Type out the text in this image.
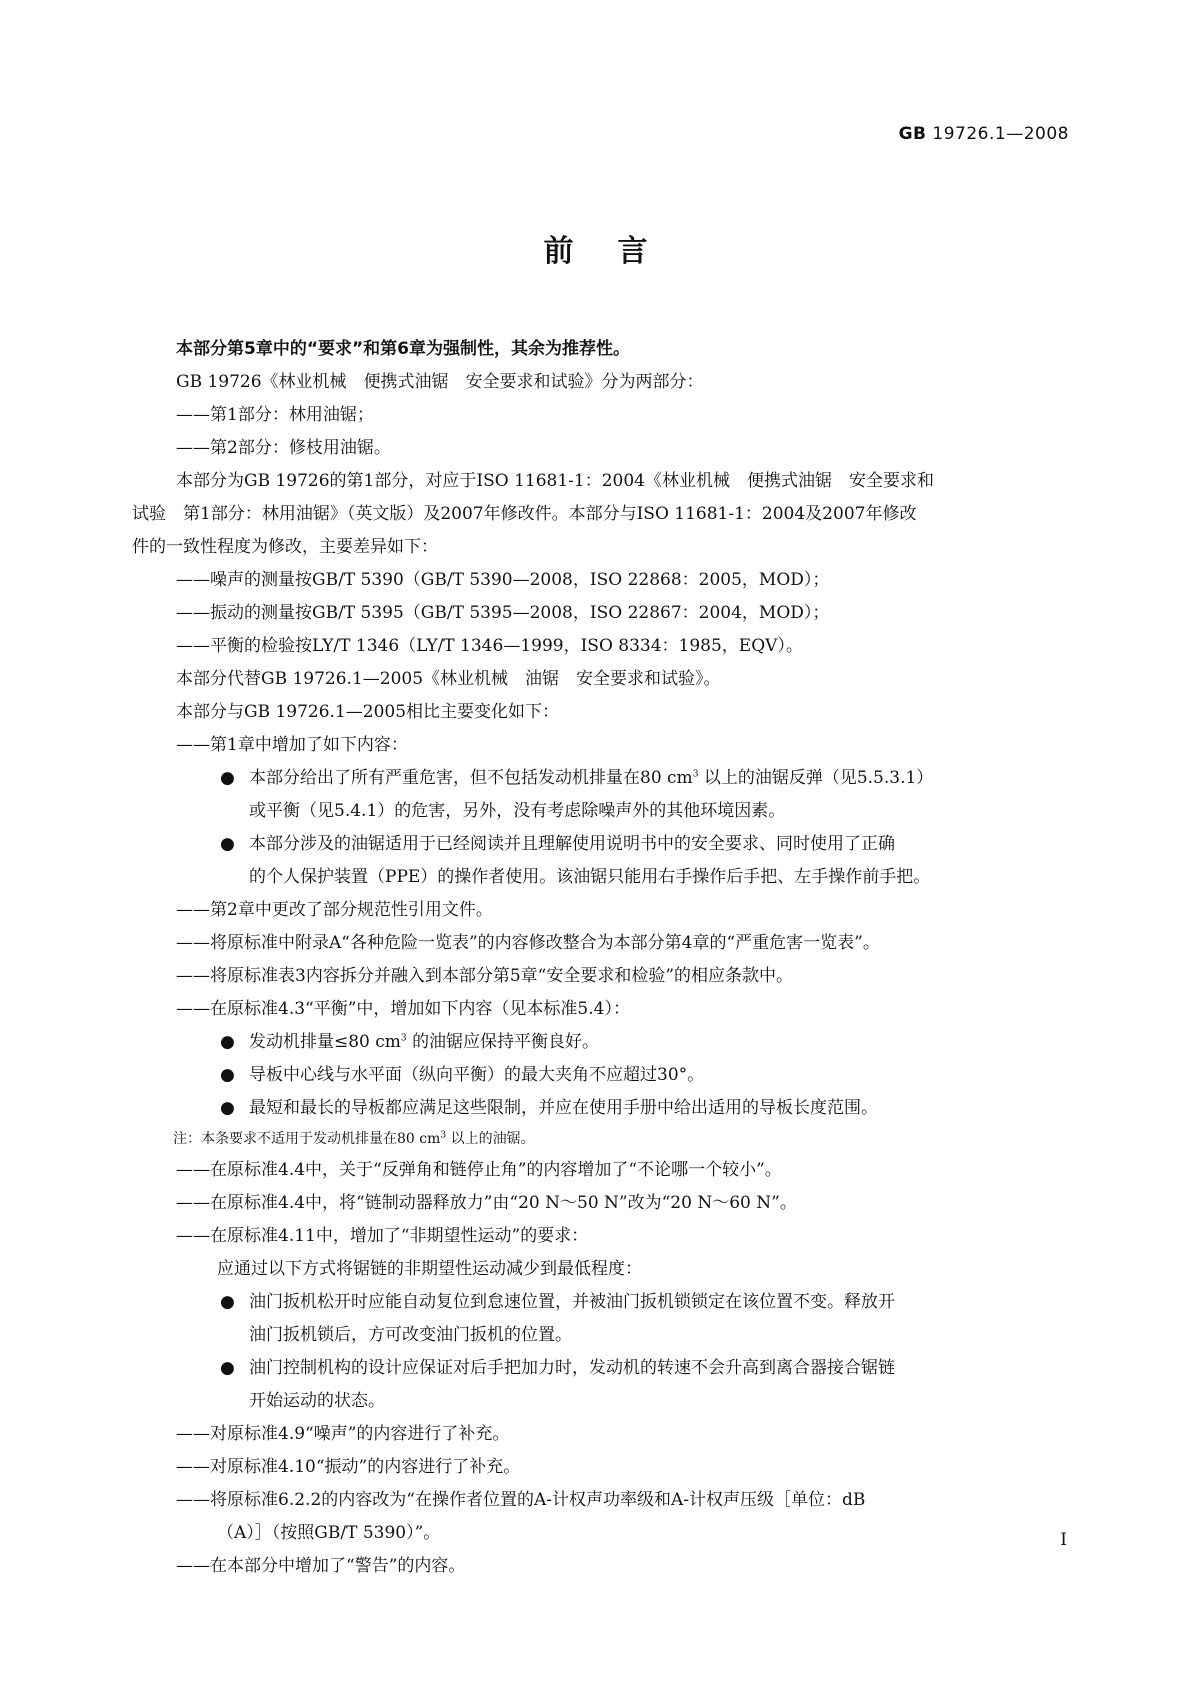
GB 19726.1—2008
前言
本部分第5章中的“要求”和第6章为强制性，其余为推荐性。
GB 19726《林业机械　便携式油锯　安全要求和试验》分为两部分：
——第1部分：林用油锯；
——第2部分：修枝用油锯。
本部分为GB 19726的第1部分，对应于ISO 11681-1：2004《林业机械　便携式油锯　安全要求和
试验　第1部分：林用油锯》（英文版）及2007年修改件。本部分与ISO 11681-1：2004及2007年修改
件的一致性程度为修改，主要差异如下：
——噪声的测量按GB/T 5390（GB/T 5390—2008，ISO 22868：2005，MOD）；
——振动的测量按GB/T 5395（GB/T 5395—2008，ISO 22867：2004，MOD）；
——平衡的检验按LY/T 1346（LY/T 1346—1999，ISO 8334：1985，EQV）。
本部分代替GB 19726.1—2005《林业机械　油锯　安全要求和试验》。
本部分与GB 19726.1—2005相比主要变化如下：
——第1章中增加了如下内容：
● 本部分给出了所有严重危害，但不包括发动机排量在80 $cm^3$ 以上的油锯反弹（见5.5.3.1）
或平衡（见5.4.1）的危害，另外，没有考虑除噪声外的其他环境因素。
● 本部分涉及的油锯适用于已经阅读并且理解使用说明书中的安全要求、同时使用了正确
的个人保护装置（PPE）的操作者使用。该油锯只能用右手操作后手把、左手操作前手把。
——第2章中更改了部分规范性引用文件。
——将原标准中附录A“各种危险一览表”的内容修改整合为本部分第4章的“严重危害一览表”。
——将原标准表3内容拆分并融入到本部分第5章“安全要求和检验”的相应条款中。
——在原标准4.3“平衡”中，增加如下内容（见本标准5.4）：
● 发动机排量≤80 $cm^3$ 的油锯应保持平衡良好。
● 导板中心线与水平面（纵向平衡）的最大夹角不应超过30°。
● 最短和最长的导板都应满足这些限制，并应在使用手册中给出适用的导板长度范围。
注：本条要求不适用于发动机排量在80 $cm^3$ 以上的油锯。
——在原标准4.4中，关于“反弹角和链停止角”的内容增加了“不论哪一个较小”。
——在原标准4.4中，将“链制动器释放力”由“20 N～50 N”改为“20 N～60 N”。
——在原标准4.11中，增加了“非期望性运动”的要求：
应通过以下方式将锯链的非期望性运动减少到最低程度：
● 油门扳机松开时应能自动复位到怠速位置，并被油门扳机锁锁定在该位置不变。释放开
油门扳机锁后，方可改变油门扳机的位置。
● 油门控制机构的设计应保证对后手把加力时，发动机的转速不会升高到离合器接合锯链
开始运动的状态。
——对原标准4.9“噪声”的内容进行了补充。
——对原标准4.10“振动”的内容进行了补充。
——将原标准6.2.2的内容改为“在操作者位置的A-计权声功率级和A-计权声压级［单位：dB
（A）］（按照GB/T 5390）”。
——在本部分中增加了“警告”的内容。
I
